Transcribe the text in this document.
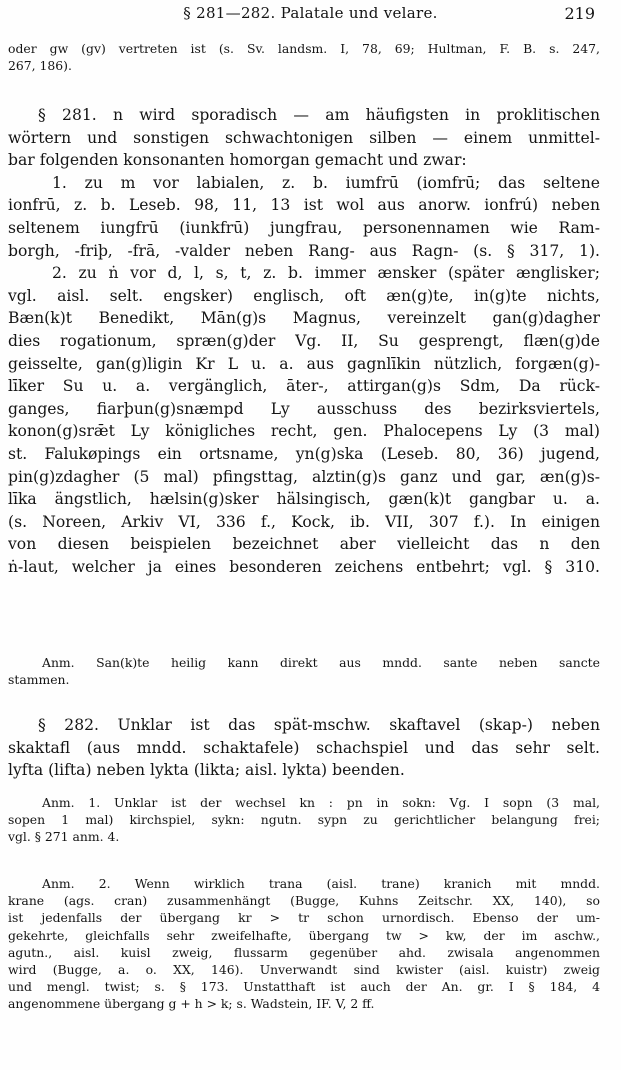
§ 281—282. Palatale und velare.	219
oder gw (gv) vertreten ist (s. Sv. landsm. I, 78, 69; Hultman, F. B. s. 247,
267, 186).
§ 281. n wird sporadisch — am häufigsten in proklitischen
wörtern und sonstigen schwachtonigen silben — einem unmittel-
bar folgenden konsonanten homorgan gemacht und zwar:
1. zu m vor labialen, z. b. iumfrū (iomfrū; das seltene
ionfrū, z. b. Leseb. 98, 11, 13 ist wol aus anorw. ionfrú) neben
seltenem iungfrū (iunkfrū) jungfrau, personennamen wie Ram-
borgh, -friþ, -frā, -valder neben Rang- aus Ragn- (s. § 317, 1).
2. zu ṅ vor d, l, s, t, z. b. immer ænsker (später ænglisker;
vgl. aisl. selt. engsker) englisch, oft æn(g)te, in(g)te nichts,
Bæn(k)t Benedikt, Mān(g)s Magnus, vereinzelt gan(g)dagher
dies rogationum, spræn(g)der Vg. II, Su gesprengt, flæn(g)de
geisselte, gan(g)ligin Kr L u. a. aus gagnlīkin nützlich, forgæn(g)-
līker Su u. a. vergänglich, āter-, attirgan(g)s Sdm, Da rück-
ganges, fiarþun(g)snæmpd Ly ausschuss des bezirksviertels,
konon(g)srǣt Ly königliches recht, gen. Phalocepens Ly (3 mal)
st. Falukøpings ein ortsname, yn(g)ska (Leseb. 80, 36) jugend,
pin(g)zdagher (5 mal) pfingsttag, alztin(g)s ganz und gar, æn(g)s-
līka ängstlich, hælsin(g)sker hälsingisch, gæn(k)t gangbar u. a.
(s. Noreen, Arkiv VI, 336 f., Kock, ib. VII, 307 f.). In einigen
von diesen beispielen bezeichnet aber vielleicht das n den
ṅ-laut, welcher ja eines besonderen zeichens entbehrt; vgl. § 310.
Anm. San(k)te heilig kann direkt aus mndd. sante neben sancte
stammen.
§ 282. Unklar ist das spät-mschw. skaftavel (skap-) neben
skaktafl (aus mndd. schaktafele) schachspiel und das sehr selt.
lyfta (lifta) neben lykta (likta; aisl. lykta) beenden.
Anm. 1. Unklar ist der wechsel kn : pn in sokn: Vg. I sopn (3 mal,
sopen 1 mal) kirchspiel, sykn: ngutn. sypn zu gerichtlicher belangung frei;
vgl. § 271 anm. 4.
Anm. 2. Wenn wirklich trana (aisl. trane) kranich mit mndd.
krane (ags. cran) zusammenhängt (Bugge, Kuhns Zeitschr. XX, 140), so
ist jedenfalls der übergang kr > tr schon urnordisch. Ebenso der um-
gekehrte, gleichfalls sehr zweifelhafte, übergang tw > kw, der im aschw.,
agutn., aisl. kuisl zweig, flussarm gegenüber ahd. zwisala angenommen
wird (Bugge, a. o. XX, 146). Unverwandt sind kwister (aisl. kuistr) zweig
und mengl. twist; s. § 173. Unstatthaft ist auch der An. gr. I § 184, 4
angenommene übergang g + h > k; s. Wadstein, IF. V, 2 ff.
